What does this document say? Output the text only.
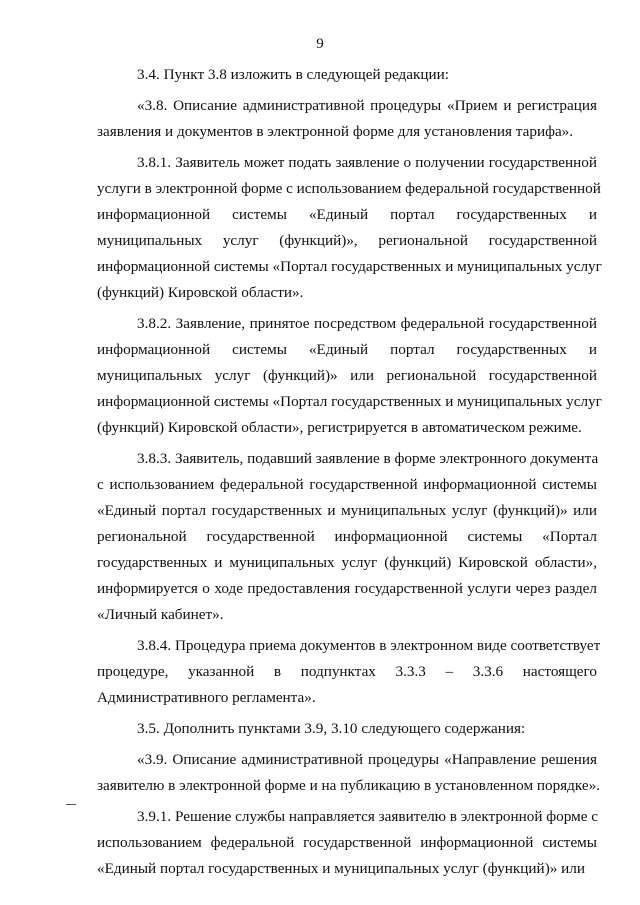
9
3.4. Пункт 3.8 изложить в следующей редакции:
«3.8. Описание административной процедуры «Прием и регистрация
заявления и документов в электронной форме для установления тарифа».
3.8.1. Заявитель может подать заявление о получении государственной
услуги в электронной форме с использованием федеральной государственной
информационной системы «Единый портал государственных и
муниципальных услуг (функций)», региональной государственной
информационной системы «Портал государственных и муниципальных услуг
(функций) Кировской области».
3.8.2. Заявление, принятое посредством федеральной государственной
информационной системы «Единый портал государственных и
муниципальных услуг (функций)» или региональной государственной
информационной системы «Портал государственных и муниципальных услуг
(функций) Кировской области», регистрируется в автоматическом режиме.
3.8.3. Заявитель, подавший заявление в форме электронного документа
с использованием федеральной государственной информационной системы
«Единый портал государственных и муниципальных услуг (функций)» или
региональной государственной информационной системы «Портал
государственных и муниципальных услуг (функций) Кировской области»,
информируется о ходе предоставления государственной услуги через раздел
«Личный кабинет».
3.8.4. Процедура приема документов в электронном виде соответствует
процедуре, указанной в подпунктах 3.3.3 – 3.3.6 настоящего
Административного регламента».
3.5. Дополнить пунктами 3.9, 3.10 следующего содержания:
«3.9. Описание административной процедуры «Направление решения
заявителю в электронной форме и на публикацию в установленном порядке».
3.9.1. Решение службы направляется заявителю в электронной форме с
использованием федеральной государственной информационной системы
«Единый портал государственных и муниципальных услуг (функций)» или
